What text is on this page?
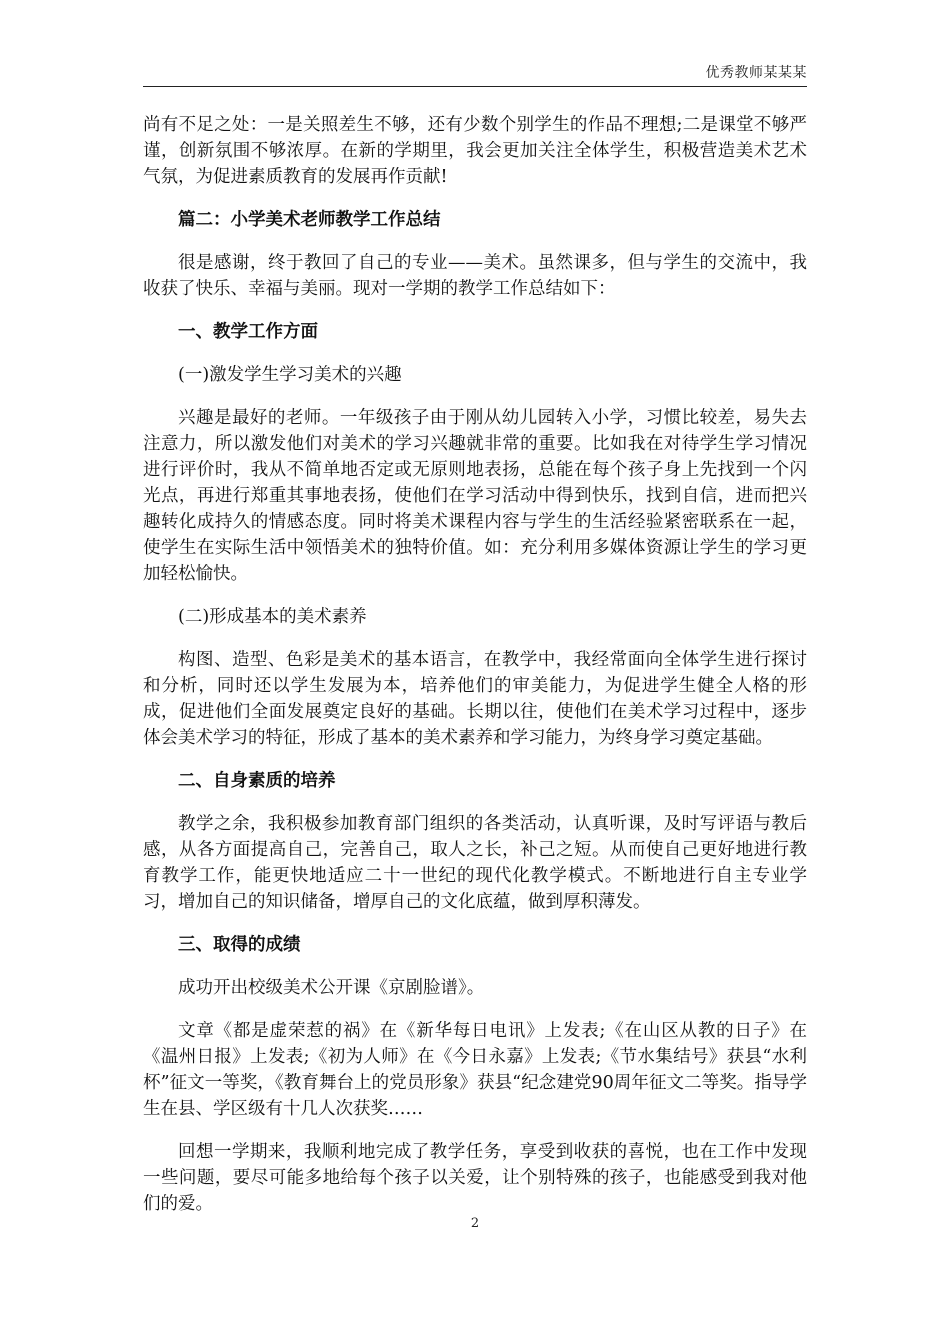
优秀教师某某某

尚有不足之处：一是关照差生不够，还有少数个别学生的作品不理想;二是课堂不够严谨，创新氛围不够浓厚。在新的学期里，我会更加关注全体学生，积极营造美术艺术气氛，为促进素质教育的发展再作贡献!

篇二：小学美术老师教学工作总结

很是感谢，终于教回了自己的专业——美术。虽然课多，但与学生的交流中，我收获了快乐、幸福与美丽。现对一学期的教学工作总结如下：

一、教学工作方面

(一)激发学生学习美术的兴趣

兴趣是最好的老师。一年级孩子由于刚从幼儿园转入小学，习惯比较差，易失去注意力，所以激发他们对美术的学习兴趣就非常的重要。比如我在对待学生学习情况进行评价时，我从不简单地否定或无原则地表扬，总能在每个孩子身上先找到一个闪光点，再进行郑重其事地表扬，使他们在学习活动中得到快乐，找到自信，进而把兴趣转化成持久的情感态度。同时将美术课程内容与学生的生活经验紧密联系在一起，使学生在实际生活中领悟美术的独特价值。如：充分利用多媒体资源让学生的学习更加轻松愉快。

(二)形成基本的美术素养

构图、造型、色彩是美术的基本语言，在教学中，我经常面向全体学生进行探讨和分析，同时还以学生发展为本，培养他们的审美能力，为促进学生健全人格的形成，促进他们全面发展奠定良好的基础。长期以往，使他们在美术学习过程中，逐步体会美术学习的特征，形成了基本的美术素养和学习能力，为终身学习奠定基础。

二、自身素质的培养

教学之余，我积极参加教育部门组织的各类活动，认真听课，及时写评语与教后感，从各方面提高自己，完善自己，取人之长，补己之短。从而使自己更好地进行教育教学工作，能更快地适应二十一世纪的现代化教学模式。不断地进行自主专业学习，增加自己的知识储备，增厚自己的文化底蕴，做到厚积薄发。

三、取得的成绩

成功开出校级美术公开课《京剧脸谱》。

文章《都是虚荣惹的祸》在《新华每日电讯》上发表;《在山区从教的日子》在《温州日报》上发表;《初为人师》在《今日永嘉》上发表;《节水集结号》获县“水利杯”征文一等奖，《教育舞台上的党员形象》获县“纪念建党90周年征文二等奖。指导学生在县、学区级有十几人次获奖……

回想一学期来，我顺利地完成了教学任务，享受到收获的喜悦，也在工作中发现一些问题，要尽可能多地给每个孩子以关爱，让个别特殊的孩子，也能感受到我对他们的爱。

2
